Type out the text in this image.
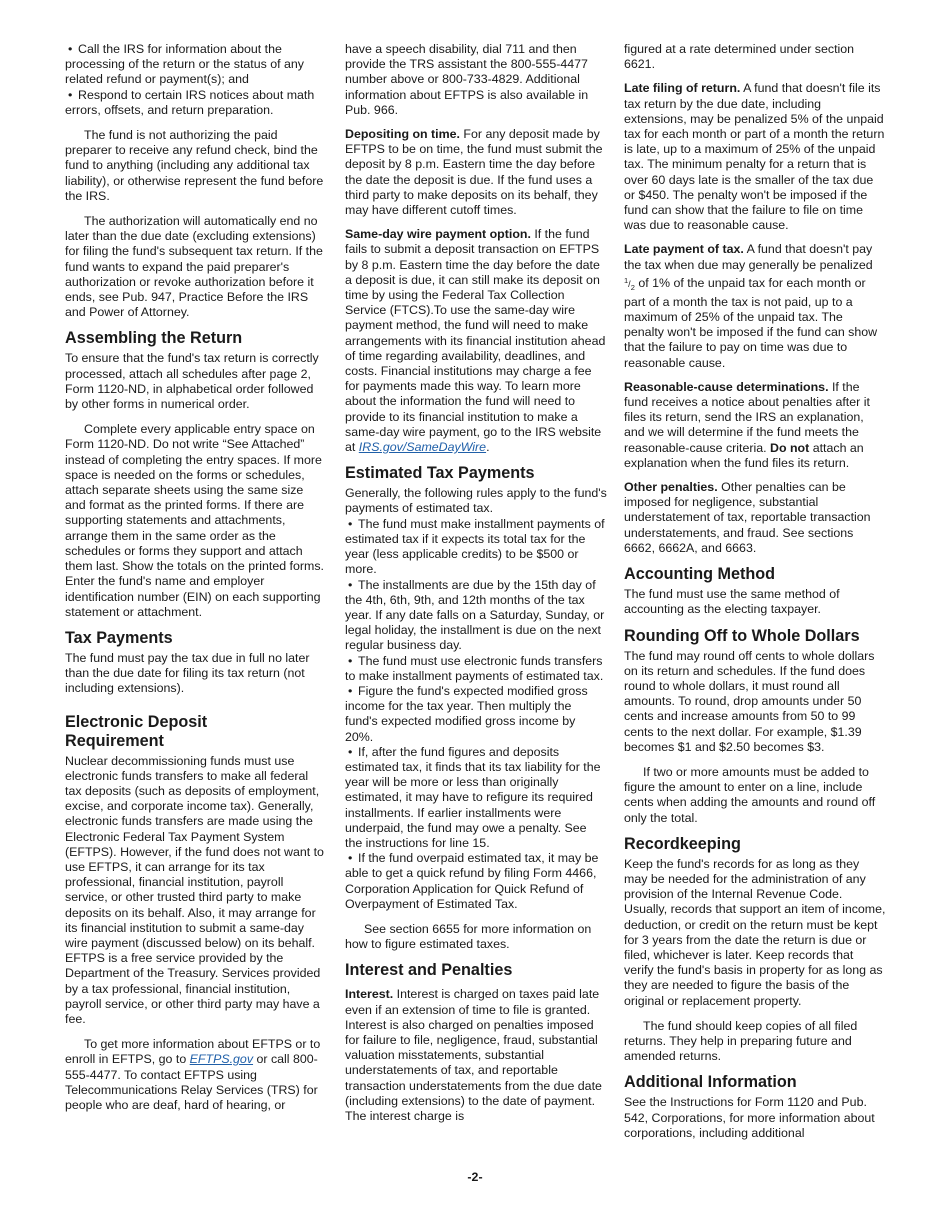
• Call the IRS for information about the processing of the return or the status of any related refund or payment(s); and

• Respond to certain IRS notices about math errors, offsets, and return preparation.

The fund is not authorizing the paid preparer to receive any refund check, bind the fund to anything (including any additional tax liability), or otherwise represent the fund before the IRS.

The authorization will automatically end no later than the due date (excluding extensions) for filing the fund's subsequent tax return. If the fund wants to expand the paid preparer's authorization or revoke authorization before it ends, see Pub. 947, Practice Before the IRS and Power of Attorney.

Assembling the Return

To ensure that the fund's tax return is correctly processed, attach all schedules after page 2, Form 1120-ND, in alphabetical order followed by other forms in numerical order.

Complete every applicable entry space on Form 1120-ND. Do not write “See Attached” instead of completing the entry spaces. If more space is needed on the forms or schedules, attach separate sheets using the same size and format as the printed forms. If there are supporting statements and attachments, arrange them in the same order as the schedules or forms they support and attach them last. Show the totals on the printed forms. Enter the fund's name and employer identification number (EIN) on each supporting statement or attachment.

Tax Payments

The fund must pay the tax due in full no later than the due date for filing its tax return (not including extensions).

Electronic Deposit
Requirement

Nuclear decommissioning funds must use electronic funds transfers to make all federal tax deposits (such as deposits of employment, excise, and corporate income tax). Generally, electronic funds transfers are made using the Electronic Federal Tax Payment System (EFTPS). However, if the fund does not want to use EFTPS, it can arrange for its tax professional, financial institution, payroll service, or other trusted third party to make deposits on its behalf. Also, it may arrange for its financial institution to submit a same-day wire payment (discussed below) on its behalf. EFTPS is a free service provided by the Department of the Treasury. Services provided by a tax professional, financial institution, payroll service, or other third party may have a fee.

To get more information about EFTPS or to enroll in EFTPS, go to EFTPS.gov or call 800-555-4477. To contact EFTPS using Telecommunications Relay Services (TRS) for people who are deaf, hard of hearing, or

have a speech disability, dial 711 and then provide the TRS assistant the 800-555-4477 number above or 800-733-4829. Additional information about EFTPS is also available in Pub. 966.

Depositing on time. For any deposit made by EFTPS to be on time, the fund must submit the deposit by 8 p.m. Eastern time the day before the date the deposit is due. If the fund uses a third party to make deposits on its behalf, they may have different cutoff times.

Same-day wire payment option. If the fund fails to submit a deposit transaction on EFTPS by 8 p.m. Eastern time the day before the date a deposit is due, it can still make its deposit on time by using the Federal Tax Collection Service (FTCS).To use the same-day wire payment method, the fund will need to make arrangements with its financial institution ahead of time regarding availability, deadlines, and costs. Financial institutions may charge a fee for payments made this way. To learn more about the information the fund will need to provide to its financial institution to make a same-day wire payment, go to the IRS website at IRS.gov/SameDayWire.

Estimated Tax Payments

Generally, the following rules apply to the fund's payments of estimated tax.

• The fund must make installment payments of estimated tax if it expects its total tax for the year (less applicable credits) to be $500 or more.

• The installments are due by the 15th day of the 4th, 6th, 9th, and 12th months of the tax year. If any date falls on a Saturday, Sunday, or legal holiday, the installment is due on the next regular business day.

• The fund must use electronic funds transfers to make installment payments of estimated tax.

• Figure the fund's expected modified gross income for the tax year. Then multiply the fund's expected modified gross income by 20%.

• If, after the fund figures and deposits estimated tax, it finds that its tax liability for the year will be more or less than originally estimated, it may have to refigure its required installments. If earlier installments were underpaid, the fund may owe a penalty. See the instructions for line 15.

• If the fund overpaid estimated tax, it may be able to get a quick refund by filing Form 4466, Corporation Application for Quick Refund of Overpayment of Estimated Tax.

See section 6655 for more information on how to figure estimated taxes.

Interest and Penalties

Interest. Interest is charged on taxes paid late even if an extension of time to file is granted. Interest is also charged on penalties imposed for failure to file, negligence, fraud, substantial valuation misstatements, substantial understatements of tax, and reportable transaction understatements from the due date (including extensions) to the date of payment. The interest charge is

figured at a rate determined under section 6621.

Late filing of return. A fund that doesn't file its tax return by the due date, including extensions, may be penalized 5% of the unpaid tax for each month or part of a month the return is late, up to a maximum of 25% of the unpaid tax. The minimum penalty for a return that is over 60 days late is the smaller of the tax due or $450. The penalty won't be imposed if the fund can show that the failure to file on time was due to reasonable cause.

Late payment of tax. A fund that doesn't pay the tax when due may generally be penalized $^1/_2$ of 1% of the unpaid tax for each month or part of a month the tax is not paid, up to a maximum of 25% of the unpaid tax. The penalty won't be imposed if the fund can show that the failure to pay on time was due to reasonable cause.

Reasonable-cause determinations. If the fund receives a notice about penalties after it files its return, send the IRS an explanation, and we will determine if the fund meets the reasonable-cause criteria. Do not attach an explanation when the fund files its return.

Other penalties. Other penalties can be imposed for negligence, substantial understatement of tax, reportable transaction understatements, and fraud. See sections 6662, 6662A, and 6663.

Accounting Method

The fund must use the same method of accounting as the electing taxpayer.

Rounding Off to Whole Dollars

The fund may round off cents to whole dollars on its return and schedules. If the fund does round to whole dollars, it must round all amounts. To round, drop amounts under 50 cents and increase amounts from 50 to 99 cents to the next dollar. For example, $1.39 becomes $1 and $2.50 becomes $3.

If two or more amounts must be added to figure the amount to enter on a line, include cents when adding the amounts and round off only the total.

Recordkeeping

Keep the fund's records for as long as they may be needed for the administration of any provision of the Internal Revenue Code. Usually, records that support an item of income, deduction, or credit on the return must be kept for 3 years from the date the return is due or filed, whichever is later. Keep records that verify the fund's basis in property for as long as they are needed to figure the basis of the original or replacement property.

The fund should keep copies of all filed returns. They help in preparing future and amended returns.

Additional Information

See the Instructions for Form 1120 and Pub. 542, Corporations, for more information about corporations, including additional

-2-
